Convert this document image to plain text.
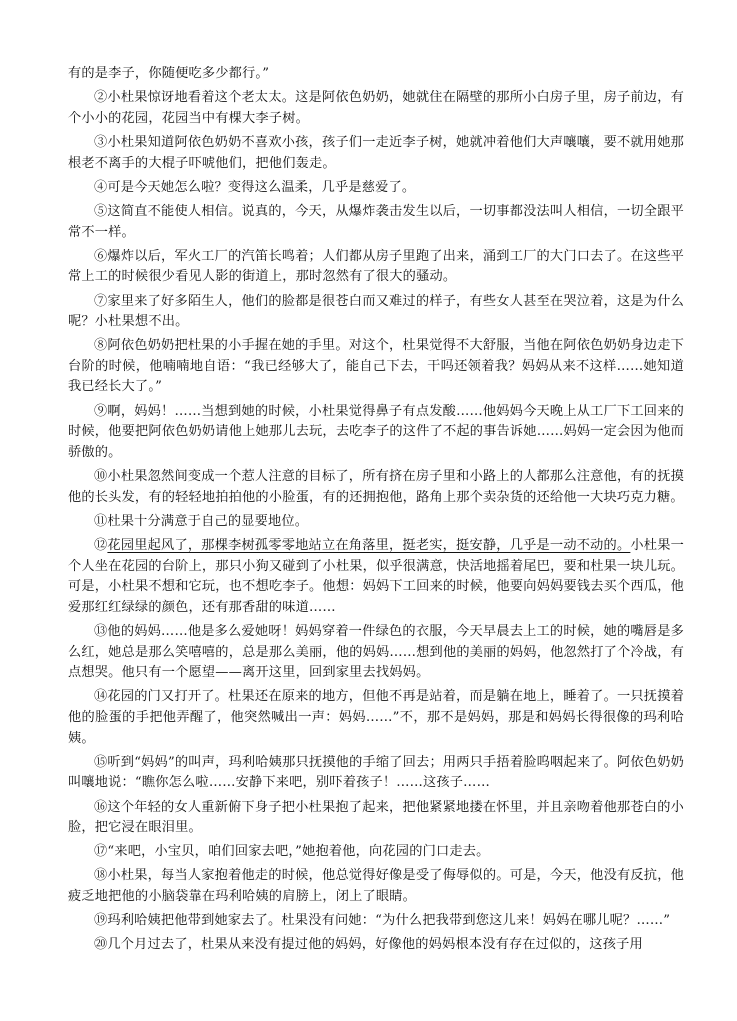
有的是李子，你随便吃多少都行。”

②小杜果惊讶地看着这个老太太。这是阿依色奶奶，她就住在隔壁的那所小白房子里，房子前边，有个小小的花园，花园当中有棵大李子树。

③小杜果知道阿依色奶奶不喜欢小孩，孩子们一走近李子树，她就冲着他们大声嚷嚷，要不就用她那根老不离手的大棍子吓唬他们，把他们轰走。

④可是今天她怎么啦？变得这么温柔，几乎是慈爱了。

⑤这简直不能使人相信。说真的，今天，从爆炸袭击发生以后，一切事都没法叫人相信，一切全跟平常不一样。

⑥爆炸以后，军火工厂的汽笛长鸣着；人们都从房子里跑了出来，涌到工厂的大门口去了。在这些平常上工的时候很少看见人影的街道上，那时忽然有了很大的骚动。

⑦家里来了好多陌生人，他们的脸都是很苍白而又难过的样子，有些女人甚至在哭泣着，这是为什么呢？小杜果想不出。

⑧阿依色奶奶把杜果的小手握在她的手里。对这个，杜果觉得不大舒服，当他在阿依色奶奶身边走下台阶的时候，他喃喃地自语：“我已经够大了，能自己下去，干吗还领着我？妈妈从来不这样……她知道我已经长大了。”

⑨啊，妈妈！……当想到她的时候，小杜果觉得鼻子有点发酸……他妈妈今天晚上从工厂下工回来的时候，他要把阿依色奶奶请他上她那儿去玩，去吃李子的这件了不起的事告诉她……妈妈一定会因为他而骄傲的。

⑩小杜果忽然间变成一个惹人注意的目标了，所有挤在房子里和小路上的人都那么注意他，有的抚摸他的长头发，有的轻轻地拍拍他的小脸蛋，有的还拥抱他，路角上那个卖杂货的还给他一大块巧克力糖。

⑪杜果十分满意于自己的显要地位。

⑫花园里起风了，那棵李树孤零零地站立在角落里，挺老实，挺安静，几乎是一动不动的。小杜果一个人坐在花园的台阶上，那只小狗又碰到了小杜果，似乎很满意，快活地摇着尾巴，要和杜果一块儿玩。可是，小杜果不想和它玩，也不想吃李子。他想：妈妈下工回来的时候，他要向妈妈要钱去买个西瓜，他爱那红红绿绿的颜色，还有那香甜的味道……

⑬他的妈妈……他是多么爱她呀！妈妈穿着一件绿色的衣服，今天早晨去上工的时候，她的嘴唇是多么红，她总是那么笑嘻嘻的，总是那么美丽，他的妈妈……想到他的美丽的妈妈，他忽然打了个冷战，有点想哭。他只有一个愿望——离开这里，回到家里去找妈妈。

⑭花园的门又打开了。杜果还在原来的地方，但他不再是站着，而是躺在地上，睡着了。一只抚摸着他的脸蛋的手把他弄醒了，他突然喊出一声：妈妈……”不，那不是妈妈，那是和妈妈长得很像的玛利哈姨。

⑮听到“妈妈”的叫声，玛利哈姨那只抚摸他的手缩了回去；用两只手捂着脸呜咽起来了。阿依色奶奶叫嚷地说：“瞧你怎么啦……安静下来吧，别吓着孩子！……这孩子……

⑯这个年轻的女人重新俯下身子把小杜果抱了起来，把他紧紧地搂在怀里，并且亲吻着他那苍白的小脸，把它浸在眼泪里。

⑰“来吧，小宝贝，咱们回家去吧，”她抱着他，向花园的门口走去。

⑱小杜果，每当人家抱着他走的时候，他总觉得好像是受了侮辱似的。可是，今天，他没有反抗，他疲乏地把他的小脑袋靠在玛利哈姨的肩膀上，闭上了眼睛。

⑲玛利哈姨把他带到她家去了。杜果没有问她：“为什么把我带到您这儿来！妈妈在哪儿呢？……”

⑳几个月过去了，杜果从来没有提过他的妈妈，好像他的妈妈根本没有存在过似的，这孩子用
